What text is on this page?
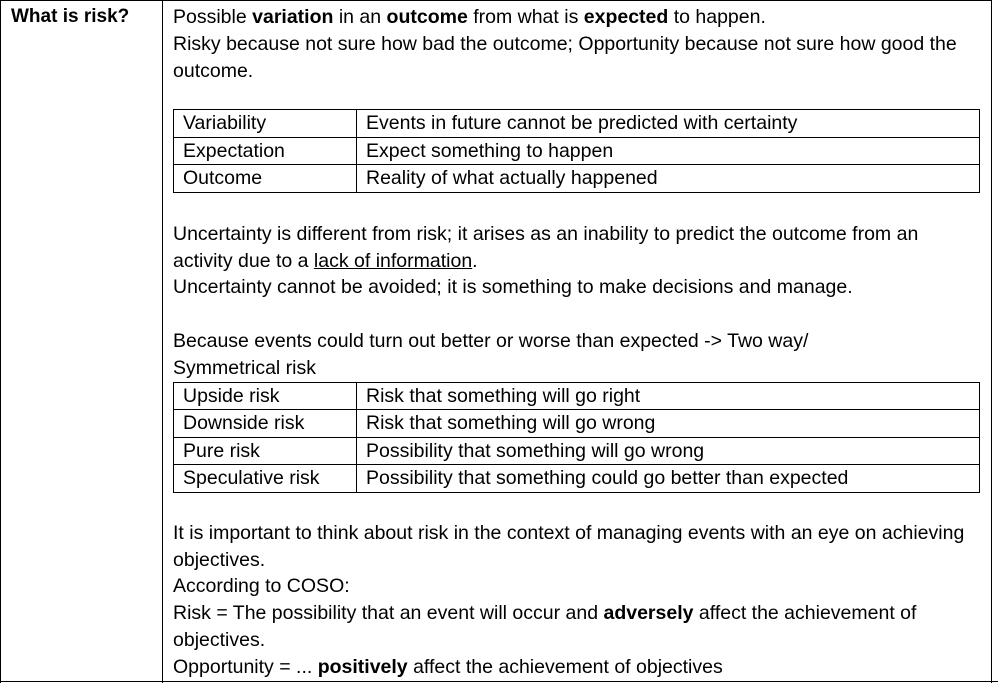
What is risk? Possible variation in an outcome from what is expected to happen.

Risky because not sure how bad the outcome; Opportunity because not sure how good the outcome.

Variability	Events in future cannot be predicted with certainty
Expectation	Expect something to happen
Outcome	Reality of what actually happened

Uncertainty is different from risk; it arises as an inability to predict the outcome from an activity due to a lack of information.

Uncertainty cannot be avoided; it is something to make decisions and manage.

Because events could turn out better or worse than expected -> Two way/ Symmetrical risk

Upside risk	Risk that something will go right
Downside risk	Risk that something will go wrong
Pure risk	Possibility that something will go wrong
Speculative risk	Possibility that something could go better than expected

It is important to think about risk in the context of managing events with an eye on achieving objectives.

According to COSO:

Risk = The possibility that an event will occur and adversely affect the achievement of objectives.

Opportunity = ... positively affect the achievement of objectives
